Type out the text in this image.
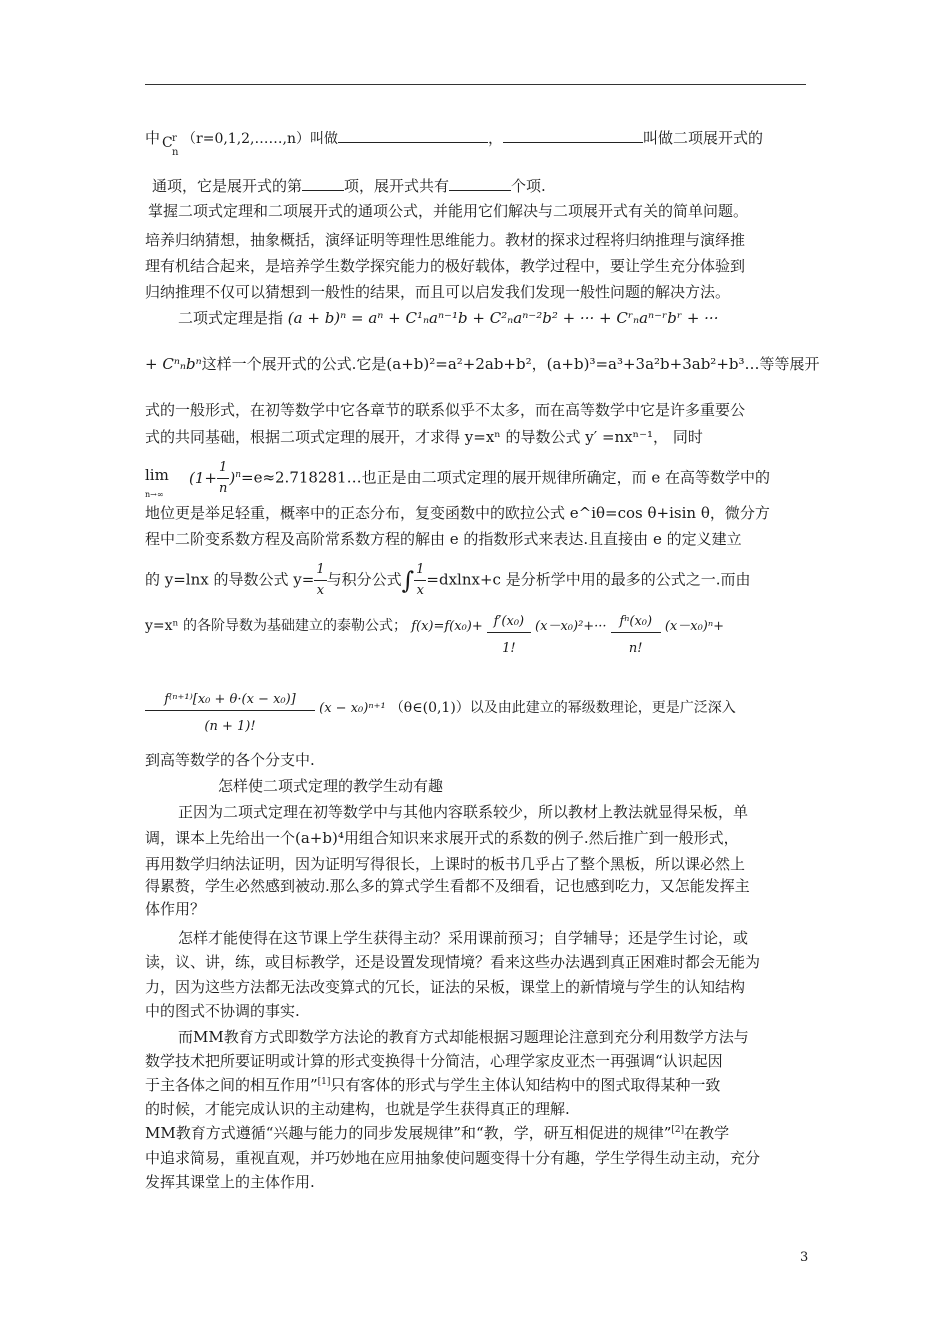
中 C r
n
（r=0,1,2,……,n）叫做	，	叫做二项展开式的
通项，它是展开式的第	项，展开式共有	个项.
掌握二项式定理和二项展开式的通项公式，并能用它们解决与二项展开式有关的简单问题。
培养归纳猜想，抽象概括，演绎证明等理性思维能力。教材的探求过程将归纳推理与演绎推
理有机结合起来，是培养学生数学探究能力的极好载体，教学过程中，要让学生充分体验到
归纳推理不仅可以猜想到一般性的结果，而且可以启发我们发现一般性问题的解决方法。
二项式定理是指 (a + b)ⁿ = aⁿ + C¹ₙaⁿ⁻¹b + C²ₙaⁿ⁻²b² + ··· + Cʳₙaⁿ⁻ʳbʳ + ···
+ Cⁿₙbⁿ这样一个展开式的公式.它是(a+b)²=a²+2ab+b²，(a+b)³=a³+3a²b+3ab²+b³…等等展开
式的一般形式，在初等数学中它各章节的联系似乎不太多，而在高等数学中它是许多重要公
式的共同基础，根据二项式定理的展开，才求得 y=xⁿ 的导数公式 y′ =nxⁿ⁻¹， 同时
lim
n→∞
($1+ \frac{1}{n}$ )$^n=e\approx 2.718281\dots$也正是由二项式定理的展开规律所确定，而 e 在高等数学中的
地位更是举足轻重，概率中的正态分布，复变函数中的欧拉公式 e^iθ=cos θ+isin θ，微分方
程中二阶变系数方程及高阶常系数方程的解由 e 的指数形式来表达.且直接由 e 的定义建立
的 y=lnx 的导数公式 $y= \frac{1}{x}$ 与积分公式∫ $\frac{1}{x} =dxlnx+c$ 是分析学中用的最多的公式之一.而由
y=xⁿ 的各阶导数为基础建立的泰勒公式； $f(x)=f(x_0)+ \frac{\text{f′(x₀)}}{1!} (x-x_0)^2+\cdot\cdot\cdot \frac{\text{fⁿ(x₀)}}{n!} (x-x_0)^n+$
$\frac{\text{f⁽ⁿ⁺¹⁾[x₀ + θ·(x − x₀)]}}{(n + 1)!} (x - x_0)^{n+1}$ （θ∈(0,1)）以及由此建立的幂级数理论，更是广泛深入
到高等数学的各个分支中.
怎样使二项式定理的教学生动有趣
正因为二项式定理在初等数学中与其他内容联系较少，所以教材上教法就显得呆板，单
调，课本上先给出一个(a+b)⁴用组合知识来求展开式的系数的例子.然后推广到一般形式，
再用数学归纳法证明，因为证明写得很长，上课时的板书几乎占了整个黑板，所以课必然上
得累赘，学生必然感到被动.那么多的算式学生看都不及细看，记也感到吃力，又怎能发挥主
体作用？
怎样才能使得在这节课上学生获得主动？采用课前预习；自学辅导；还是学生讨论，或
读，议、讲，练，或目标教学，还是设置发现情境？看来这些办法遇到真正困难时都会无能为
力，因为这些方法都无法改变算式的冗长，证法的呆板，课堂上的新情境与学生的认知结构
中的图式不协调的事实.
而MM教育方式即数学方法论的教育方式却能根据习题理论注意到充分利用数学方法与
数学技术把所要证明或计算的形式变换得十分简洁，心理学家皮亚杰一再强调“认识起因
于主各体之间的相互作用”[1]只有客体的形式与学生主体认知结构中的图式取得某种一致
的时候，才能完成认识的主动建构，也就是学生获得真正的理解.
MM教育方式遵循“兴趣与能力的同步发展规律”和“教，学，研互相促进的规律”[2]在教学
中追求简易，重视直观，并巧妙地在应用抽象使问题变得十分有趣，学生学得生动主动，充分
发挥其课堂上的主体作用.
3
